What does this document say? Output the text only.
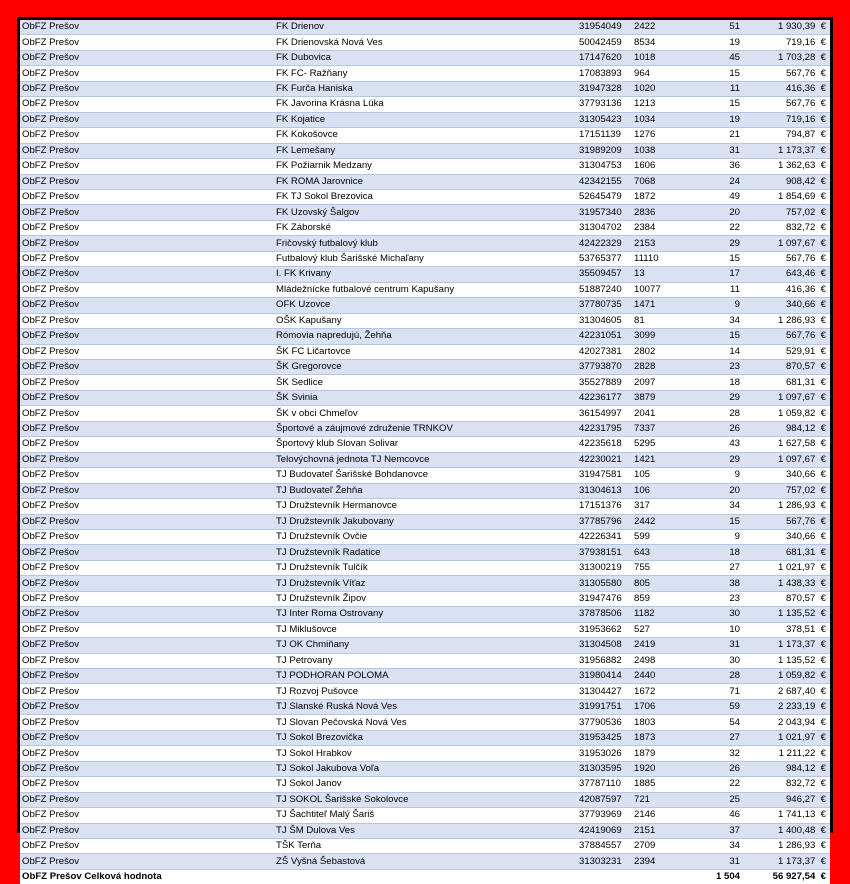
ObFZ Prešov	FK Drienov	31954049	2422	51	1 930,39 €
ObFZ Prešov	FK Drienovská Nová Ves	50042459	8534	19	719,16 €
ObFZ Prešov	FK Dubovica	17147620	1018	45	1 703,28 €
ObFZ Prešov	FK FC- Ražňany	17083893	964	15	567,76 €
ObFZ Prešov	FK Furča Haniska	31947328	1020	11	416,36 €
ObFZ Prešov	FK Javorina Krásna Lúka	37793136	1213	15	567,76 €
ObFZ Prešov	FK Kojatice	31305423	1034	19	719,16 €
ObFZ Prešov	FK Kokošovce	17151139	1276	21	794,87 €
ObFZ Prešov	FK Lemešany	31989209	1038	31	1 173,37 €
ObFZ Prešov	FK Požiarnik Medzany	31304753	1606	36	1 362,63 €
ObFZ Prešov	FK ROMA Jarovnice	42342155	7068	24	908,42 €
ObFZ Prešov	FK TJ Sokol Brezovica	52645479	1872	49	1 854,69 €
ObFZ Prešov	FK Uzovský Šalgov	31957340	2836	20	757,02 €
ObFZ Prešov	FK Záborské	31304702	2384	22	832,72 €
ObFZ Prešov	Fričovský futbalový klub	42422329	2153	29	1 097,67 €
ObFZ Prešov	Futbalový klub Šarišské Michaľany	53765377	11110	15	567,76 €
ObFZ Prešov	I. FK Krivany	35509457	13	17	643,46 €
ObFZ Prešov	Mládežnícke futbalové centrum Kapušany	51887240	10077	11	416,36 €
ObFZ Prešov	OFK Uzovce	37780735	1471	9	340,66 €
ObFZ Prešov	OŠK Kapušany	31304605	81	34	1 286,93 €
ObFZ Prešov	Rómovia napredujú, Žehňa	42231051	3099	15	567,76 €
ObFZ Prešov	ŠK FC Ličartovce	42027381	2802	14	529,91 €
ObFZ Prešov	ŠK Gregorovce	37793870	2828	23	870,57 €
ObFZ Prešov	ŠK Sedlice	35527889	2097	18	681,31 €
ObFZ Prešov	ŠK Svinia	42236177	3879	29	1 097,67 €
ObFZ Prešov	ŠK v obci Chmeľov	36154997	2041	28	1 059,82 €
ObFZ Prešov	Športové a záujmové združenie TRNKOV	42231795	7337	26	984,12 €
ObFZ Prešov	Športový klub Slovan Solivar	42235618	5295	43	1 627,58 €
ObFZ Prešov	Telovýchovná jednota TJ Nemcovce	42230021	1421	29	1 097,67 €
ObFZ Prešov	TJ Budovateľ Šarišské Bohdanovce	31947581	105	9	340,66 €
ObFZ Prešov	TJ Budovateľ Žehňa	31304613	106	20	757,02 €
ObFZ Prešov	TJ Družstevník Hermanovce	17151376	317	34	1 286,93 €
ObFZ Prešov	TJ Družstevník Jakubovany	37785796	2442	15	567,76 €
ObFZ Prešov	TJ Družstevník Ovčie	42226341	599	9	340,66 €
ObFZ Prešov	TJ Družstevník Radatice	37938151	643	18	681,31 €
ObFZ Prešov	TJ Družstevník Tulčík	31300219	755	27	1 021,97 €
ObFZ Prešov	TJ Družstevník Víťaz	31305580	805	38	1 438,33 €
ObFZ Prešov	TJ Družstevník Žipov	31947476	859	23	870,57 €
ObFZ Prešov	TJ Inter Roma Ostrovany	37878506	1182	30	1 135,52 €
ObFZ Prešov	TJ Miklušovce	31953662	527	10	378,51 €
ObFZ Prešov	TJ OK Chmiňany	31304508	2419	31	1 173,37 €
ObFZ Prešov	TJ Petrovany	31956882	2498	30	1 135,52 €
ObFZ Prešov	TJ PODHORAN POLOMA	31980414	2440	28	1 059,82 €
ObFZ Prešov	TJ Rozvoj Pušovce	31304427	1672	71	2 687,40 €
ObFZ Prešov	TJ Slanské Ruská Nová Ves	31991751	1706	59	2 233,19 €
ObFZ Prešov	TJ Slovan Pečovská Nová Ves	37790536	1803	54	2 043,94 €
ObFZ Prešov	TJ Sokol Brezovička	31953425	1873	27	1 021,97 €
ObFZ Prešov	TJ Sokol Hrabkov	31953026	1879	32	1 211,22 €
ObFZ Prešov	TJ Sokol Jakubova Voľa	31303595	1920	26	984,12 €
ObFZ Prešov	TJ Sokol Janov	37787110	1885	22	832,72 €
ObFZ Prešov	TJ SOKOL Šarišské Sokolovce	42087597	721	25	946,27 €
ObFZ Prešov	TJ Šachtiteľ Malý Šariš	37793969	2146	46	1 741,13 €
ObFZ Prešov	TJ ŠM Dulova Ves	42419069	2151	37	1 400,48 €
ObFZ Prešov	TŠK Terňa	37884557	2709	34	1 286,93 €
ObFZ Prešov	ZŠ Vyšná Šebastová	31303231	2394	31	1 173,37 €
ObFZ Prešov Celková hodnota				1 504	56 927,54 €
